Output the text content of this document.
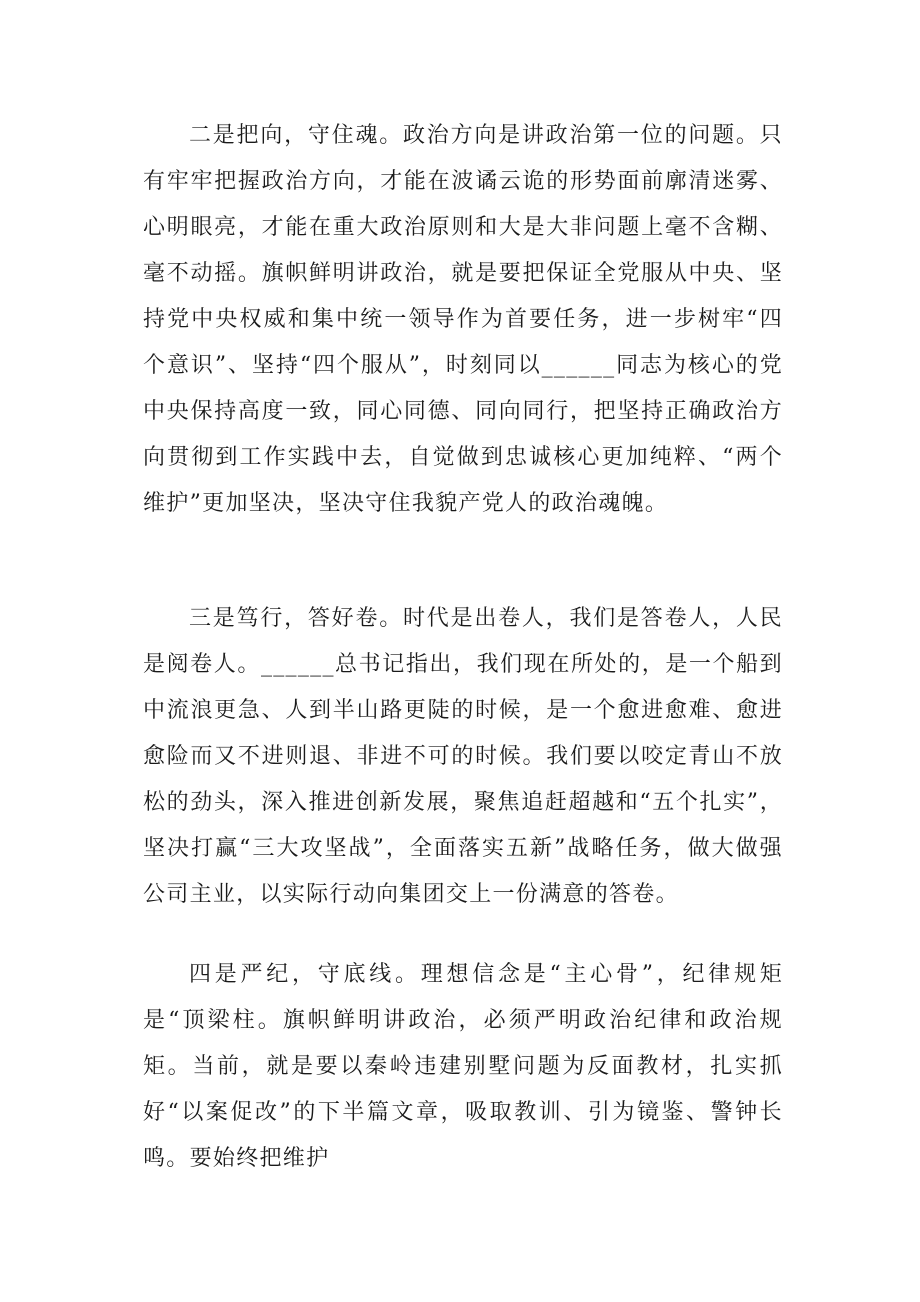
二是把向，守住魂。政治方向是讲政治第一位的问题。只有牢牢把握政治方向，才能在波谲云诡的形势面前廓清迷雾、心明眼亮，才能在重大政治原则和大是大非问题上毫不含糊、毫不动摇。旗帜鲜明讲政治，就是要把保证全党服从中央、坚持党中央权威和集中统一领导作为首要任务，进一步树牢“四个意识”、坚持“四个服从”，时刻同以______同志为核心的党中央保持高度一致，同心同德、同向同行，把坚持正确政治方向贯彻到工作实践中去，自觉做到忠诚核心更加纯粹、“两个维护”更加坚决，坚决守住我貌产党人的政治魂魄。

三是笃行，答好卷。时代是出卷人，我们是答卷人，人民是阅卷人。______总书记指出，我们现在所处的，是一个船到中流浪更急、人到半山路更陡的时候，是一个愈进愈难、愈进愈险而又不进则退、非进不可的时候。我们要以咬定青山不放松的劲头，深入推进创新发展，聚焦追赶超越和“五个扎实”，坚决打赢“三大攻坚战”，全面落实五新”战略任务，做大做强公司主业，以实际行动向集团交上一份满意的答卷。

四是严纪，守底线。理想信念是“主心骨”，纪律规矩是“顶梁柱。旗帜鲜明讲政治，必须严明政治纪律和政治规矩。当前，就是要以秦岭违建别墅问题为反面教材，扎实抓好“以案促改”的下半篇文章，吸取教训、引为镜鉴、警钟长鸣。要始终把维护
